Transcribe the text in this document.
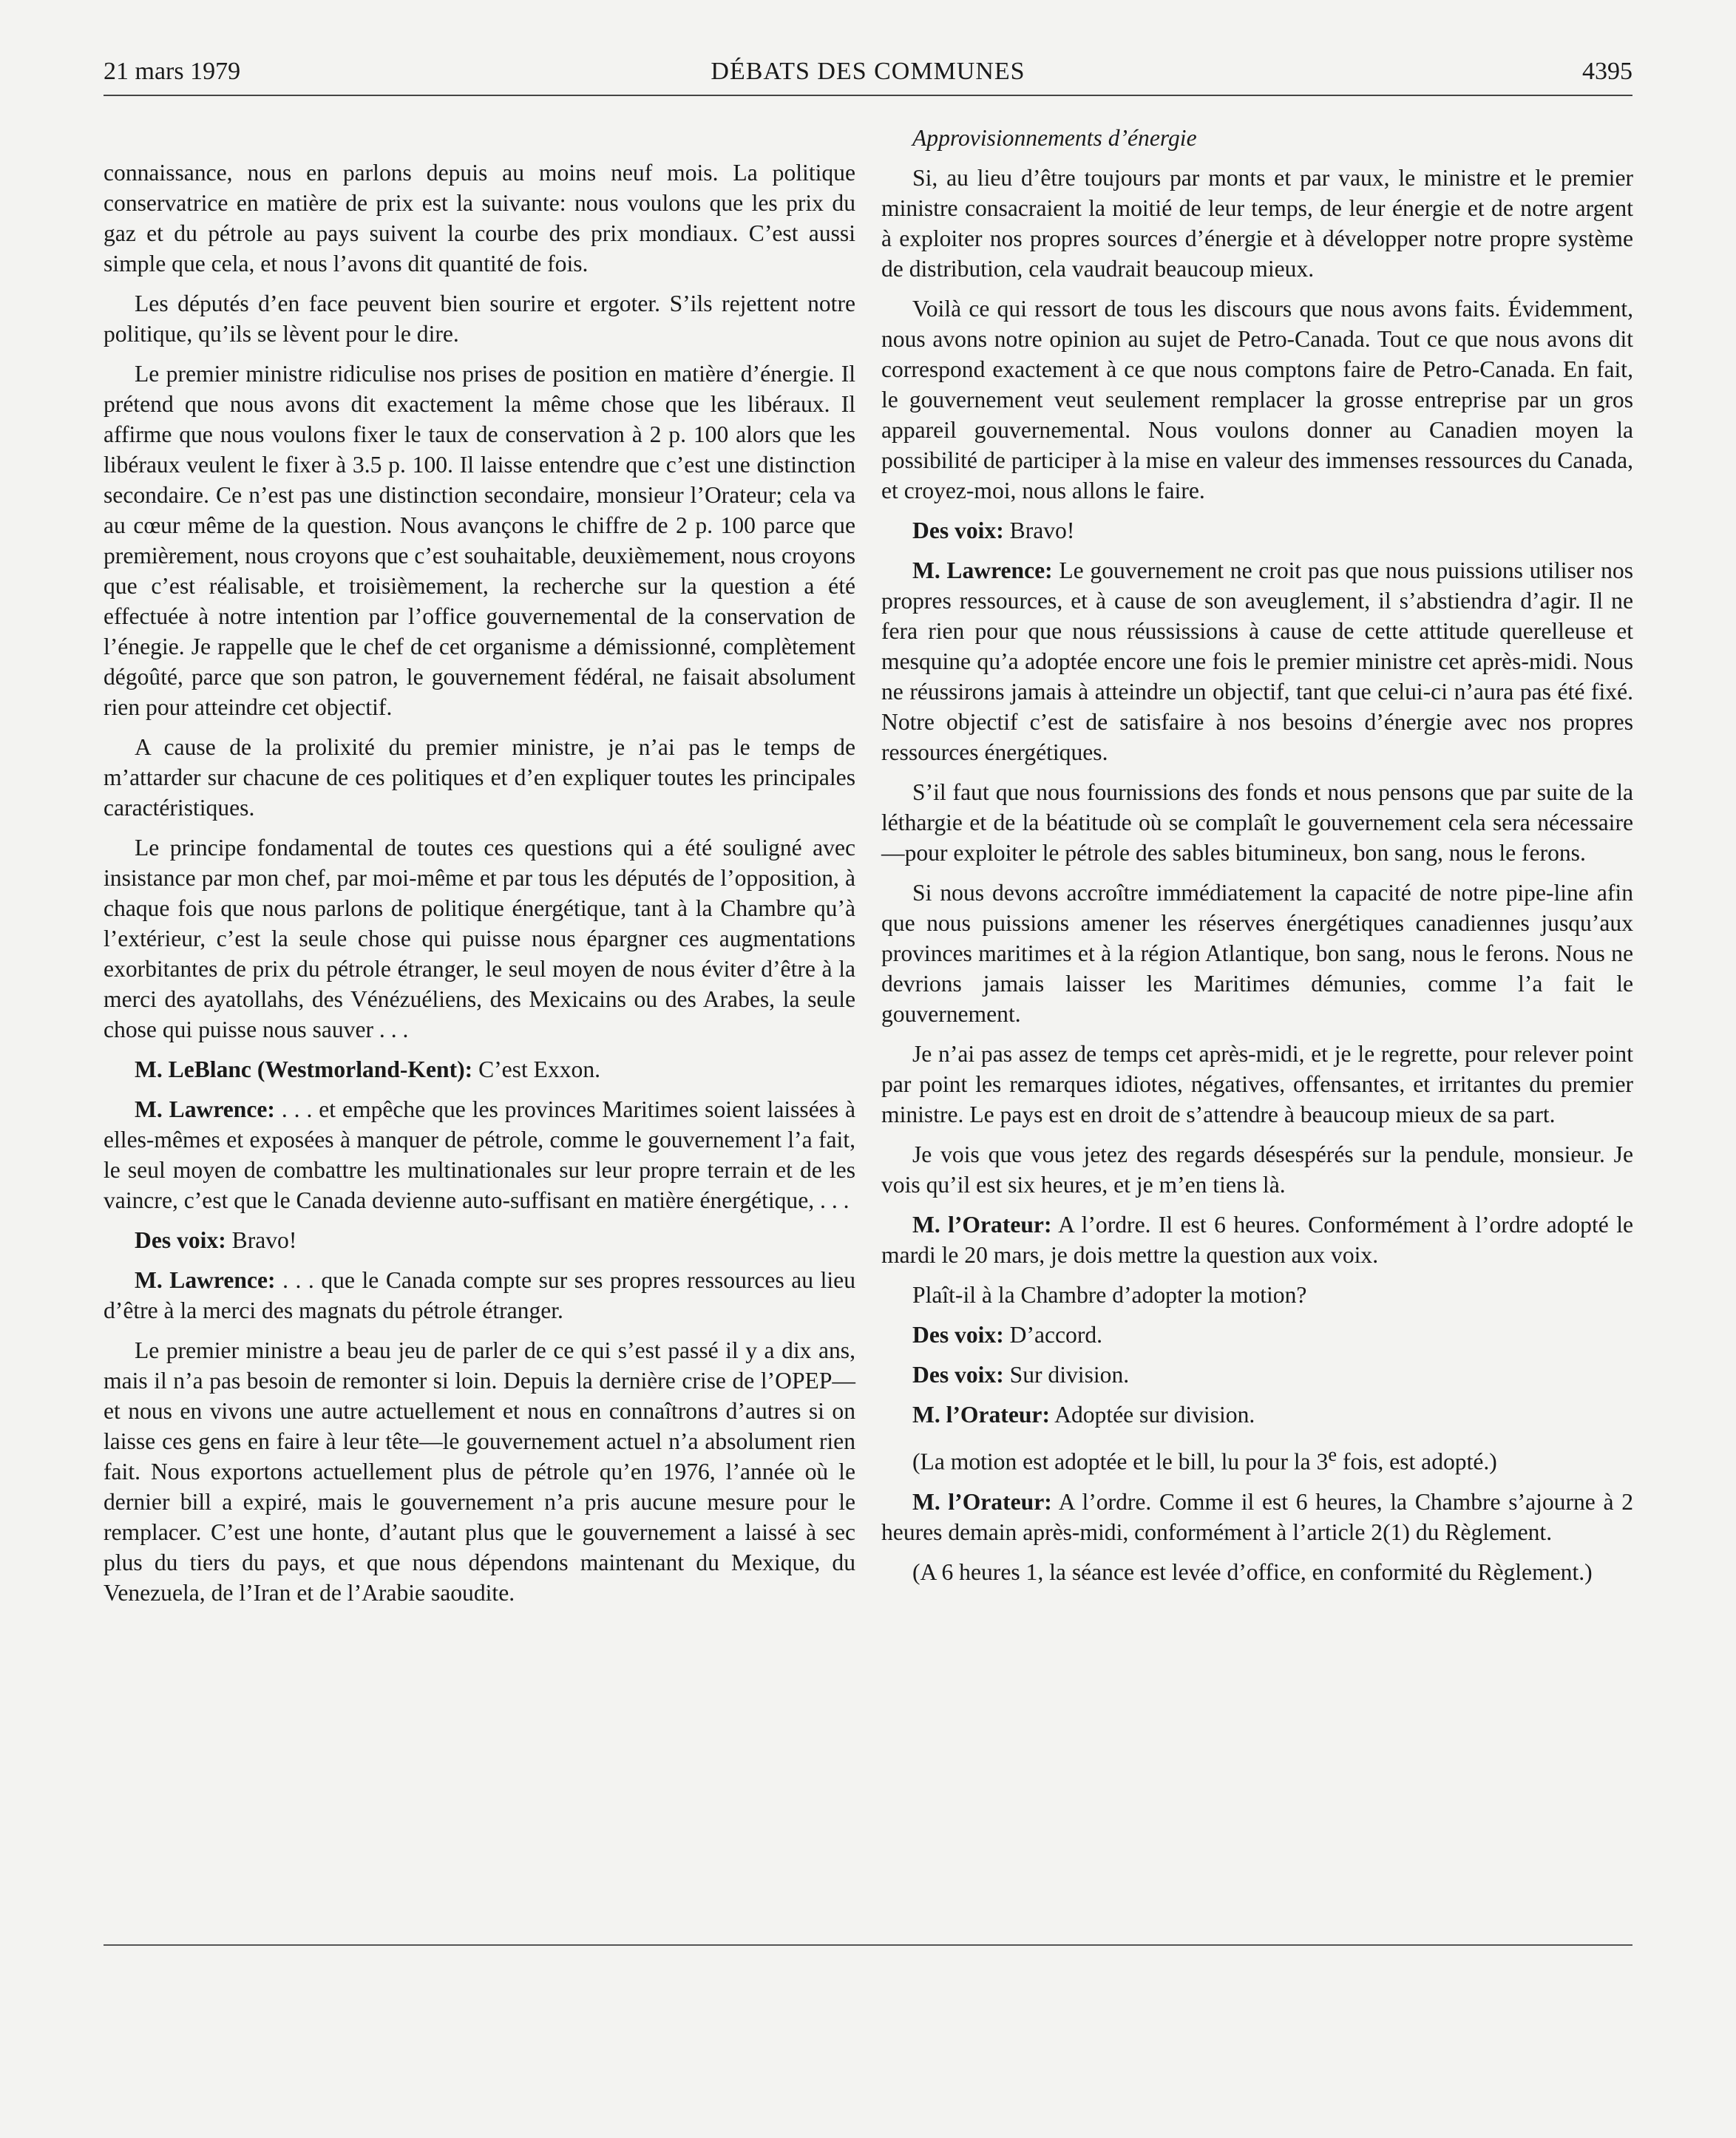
21 mars 1979	DÉBATS DES COMMUNES	4395

connaissance, nous en parlons depuis au moins neuf mois. La politique conservatrice en matière de prix est la suivante: nous voulons que les prix du gaz et du pétrole au pays suivent la courbe des prix mondiaux. C’est aussi simple que cela, et nous l’avons dit quantité de fois.

Les députés d’en face peuvent bien sourire et ergoter. S’ils rejettent notre politique, qu’ils se lèvent pour le dire.

Le premier ministre ridiculise nos prises de position en matière d’énergie. Il prétend que nous avons dit exactement la même chose que les libéraux. Il affirme que nous voulons fixer le taux de conservation à 2 p. 100 alors que les libéraux veulent le fixer à 3.5 p. 100. Il laisse entendre que c’est une distinction secondaire. Ce n’est pas une distinction secondaire, monsieur l’Orateur; cela va au cœur même de la question. Nous avançons le chiffre de 2 p. 100 parce que premièrement, nous croyons que c’est souhaitable, deuxièmement, nous croyons que c’est réalisable, et troisièmement, la recherche sur la question a été effectuée à notre intention par l’office gouvernemental de la conservation de l’énegie. Je rappelle que le chef de cet organisme a démissionné, complètement dégoûté, parce que son patron, le gouvernement fédéral, ne faisait absolument rien pour atteindre cet objectif.

A cause de la prolixité du premier ministre, je n’ai pas le temps de m’attarder sur chacune de ces politiques et d’en expliquer toutes les principales caractéristiques.

Le principe fondamental de toutes ces questions qui a été souligné avec insistance par mon chef, par moi-même et par tous les députés de l’opposition, à chaque fois que nous parlons de politique énergétique, tant à la Chambre qu’à l’extérieur, c’est la seule chose qui puisse nous épargner ces augmentations exorbitantes de prix du pétrole étranger, le seul moyen de nous éviter d’être à la merci des ayatollahs, des Vénézuéliens, des Mexicains ou des Arabes, la seule chose qui puisse nous sauver . . .

M. LeBlanc (Westmorland-Kent): C’est Exxon.

M. Lawrence: . . . et empêche que les provinces Maritimes soient laissées à elles-mêmes et exposées à manquer de pétrole, comme le gouvernement l’a fait, le seul moyen de combattre les multinationales sur leur propre terrain et de les vaincre, c’est que le Canada devienne auto-suffisant en matière énergétique, . . .

Des voix: Bravo!

M. Lawrence: . . . que le Canada compte sur ses propres ressources au lieu d’être à la merci des magnats du pétrole étranger.

Le premier ministre a beau jeu de parler de ce qui s’est passé il y a dix ans, mais il n’a pas besoin de remonter si loin. Depuis la dernière crise de l’OPEP—et nous en vivons une autre actuellement et nous en connaîtrons d’autres si on laisse ces gens en faire à leur tête—le gouvernement actuel n’a absolument rien fait. Nous exportons actuellement plus de pétrole qu’en 1976, l’année où le dernier bill a expiré, mais le gouvernement n’a pris aucune mesure pour le remplacer. C’est une honte, d’autant plus que le gouvernement a laissé à sec plus du tiers du pays, et que nous dépendons maintenant du Mexique, du Venezuela, de l’Iran et de l’Arabie saoudite.

Approvisionnements d’énergie

Si, au lieu d’être toujours par monts et par vaux, le ministre et le premier ministre consacraient la moitié de leur temps, de leur énergie et de notre argent à exploiter nos propres sources d’énergie et à développer notre propre système de distribution, cela vaudrait beaucoup mieux.

Voilà ce qui ressort de tous les discours que nous avons faits. Évidemment, nous avons notre opinion au sujet de Petro-Canada. Tout ce que nous avons dit correspond exactement à ce que nous comptons faire de Petro-Canada. En fait, le gouvernement veut seulement remplacer la grosse entreprise par un gros appareil gouvernemental. Nous voulons donner au Canadien moyen la possibilité de participer à la mise en valeur des immenses ressources du Canada, et croyez-moi, nous allons le faire.

Des voix: Bravo!

M. Lawrence: Le gouvernement ne croit pas que nous puissions utiliser nos propres ressources, et à cause de son aveuglement, il s’abstiendra d’agir. Il ne fera rien pour que nous réussissions à cause de cette attitude querelleuse et mesquine qu’a adoptée encore une fois le premier ministre cet après-midi. Nous ne réussirons jamais à atteindre un objectif, tant que celui-ci n’aura pas été fixé. Notre objectif c’est de satisfaire à nos besoins d’énergie avec nos propres ressources énergétiques.

S’il faut que nous fournissions des fonds et nous pensons que par suite de la léthargie et de la béatitude où se complaît le gouvernement cela sera nécessaire—pour exploiter le pétrole des sables bitumineux, bon sang, nous le ferons.

Si nous devons accroître immédiatement la capacité de notre pipe-line afin que nous puissions amener les réserves énergétiques canadiennes jusqu’aux provinces maritimes et à la région Atlantique, bon sang, nous le ferons. Nous ne devrions jamais laisser les Maritimes démunies, comme l’a fait le gouvernement.

Je n’ai pas assez de temps cet après-midi, et je le regrette, pour relever point par point les remarques idiotes, négatives, offensantes, et irritantes du premier ministre. Le pays est en droit de s’attendre à beaucoup mieux de sa part.

Je vois que vous jetez des regards désespérés sur la pendule, monsieur. Je vois qu’il est six heures, et je m’en tiens là.

M. l’Orateur: A l’ordre. Il est 6 heures. Conformément à l’ordre adopté le mardi le 20 mars, je dois mettre la question aux voix.

Plaît-il à la Chambre d’adopter la motion?

Des voix: D’accord.

Des voix: Sur division.

M. l’Orateur: Adoptée sur division.

(La motion est adoptée et le bill, lu pour la 3e fois, est adopté.)

M. l’Orateur: A l’ordre. Comme il est 6 heures, la Chambre s’ajourne à 2 heures demain après-midi, conformément à l’article 2(1) du Règlement.

(A 6 heures 1, la séance est levée d’office, en conformité du Règlement.)
